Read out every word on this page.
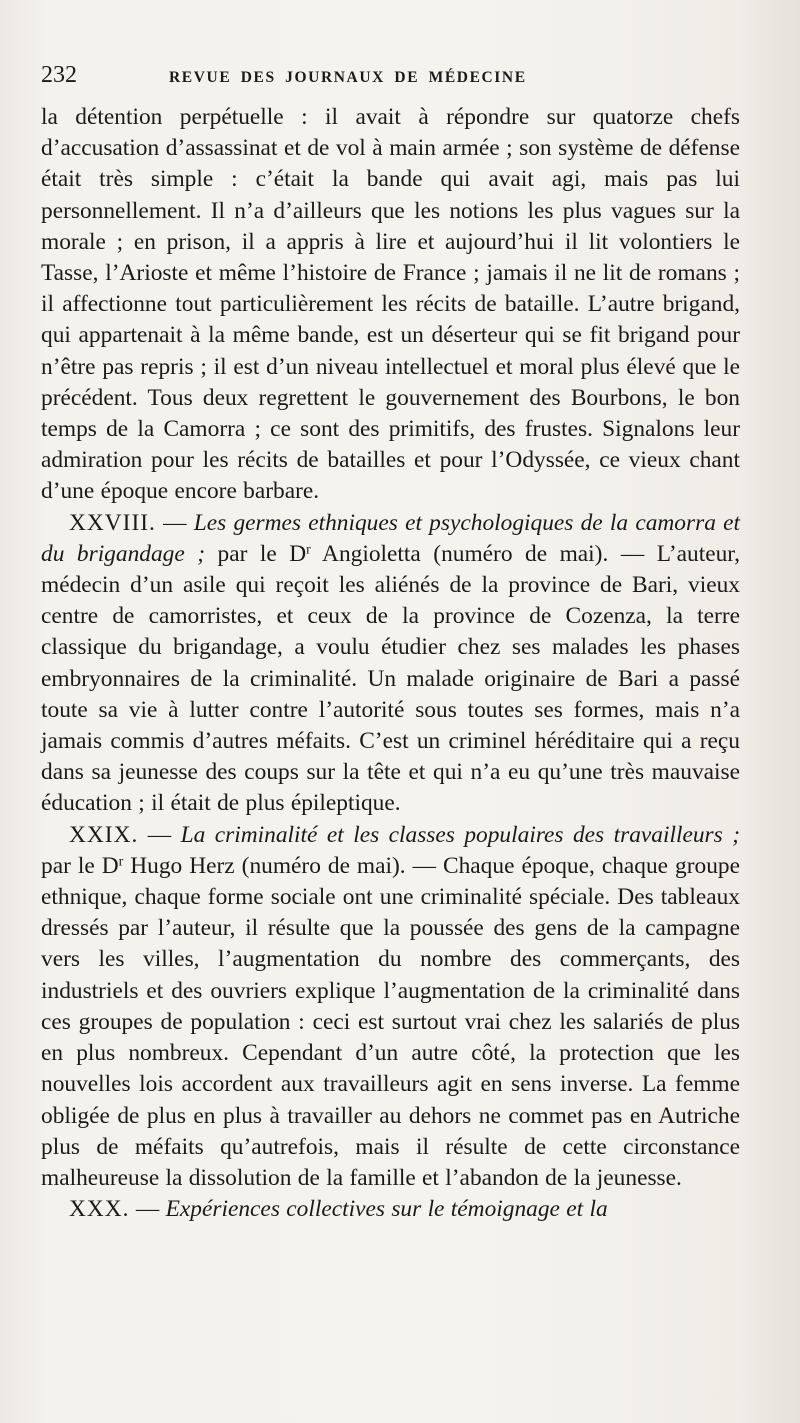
232	REVUE DES JOURNAUX DE MÉDECINE

la détention perpétuelle : il avait à répondre sur quatorze chefs d’accusation d’assassinat et de vol à main armée ; son système de défense était très simple : c’était la bande qui avait agi, mais pas lui personnellement. Il n’a d’ailleurs que les notions les plus vagues sur la morale ; en prison, il a appris à lire et aujourd’hui il lit volontiers le Tasse, l’Arioste et même l’histoire de France ; jamais il ne lit de romans ; il affectionne tout particulièrement les récits de bataille. L’autre brigand, qui appartenait à la même bande, est un déserteur qui se fit brigand pour n’être pas repris ; il est d’un niveau intellectuel et moral plus élevé que le précédent. Tous deux regrettent le gouvernement des Bourbons, le bon temps de la Camorra ; ce sont des primitifs, des frustes. Signalons leur admiration pour les récits de batailles et pour l’Odyssée, ce vieux chant d’une époque encore barbare.

XXVIII. — Les germes ethniques et psychologiques de la camorra et du brigandage ; par le $D^r$ Angioletta (numéro de mai). — L’auteur, médecin d’un asile qui reçoit les aliénés de la province de Bari, vieux centre de camorristes, et ceux de la province de Cozenza, la terre classique du brigandage, a voulu étudier chez ses malades les phases embryonnaires de la criminalité. Un malade originaire de Bari a passé toute sa vie à lutter contre l’autorité sous toutes ses formes, mais n’a jamais commis d’autres méfaits. C’est un criminel héréditaire qui a reçu dans sa jeunesse des coups sur la tête et qui n’a eu qu’une très mauvaise éducation ; il était de plus épileptique.

XXIX. — La criminalité et les classes populaires des travailleurs ; par le $D^r$ Hugo Herz (numéro de mai). — Chaque époque, chaque groupe ethnique, chaque forme sociale ont une criminalité spéciale. Des tableaux dressés par l’auteur, il résulte que la poussée des gens de la campagne vers les villes, l’augmentation du nombre des commerçants, des industriels et des ouvriers explique l’augmentation de la criminalité dans ces groupes de population : ceci est surtout vrai chez les salariés de plus en plus nombreux. Cependant d’un autre côté, la protection que les nouvelles lois accordent aux travailleurs agit en sens inverse. La femme obligée de plus en plus à travailler au dehors ne commet pas en Autriche plus de méfaits qu’autrefois, mais il résulte de cette circonstance malheureuse la dissolution de la famille et l’abandon de la jeunesse.

XXX. — Expériences collectives sur le témoignage et la
